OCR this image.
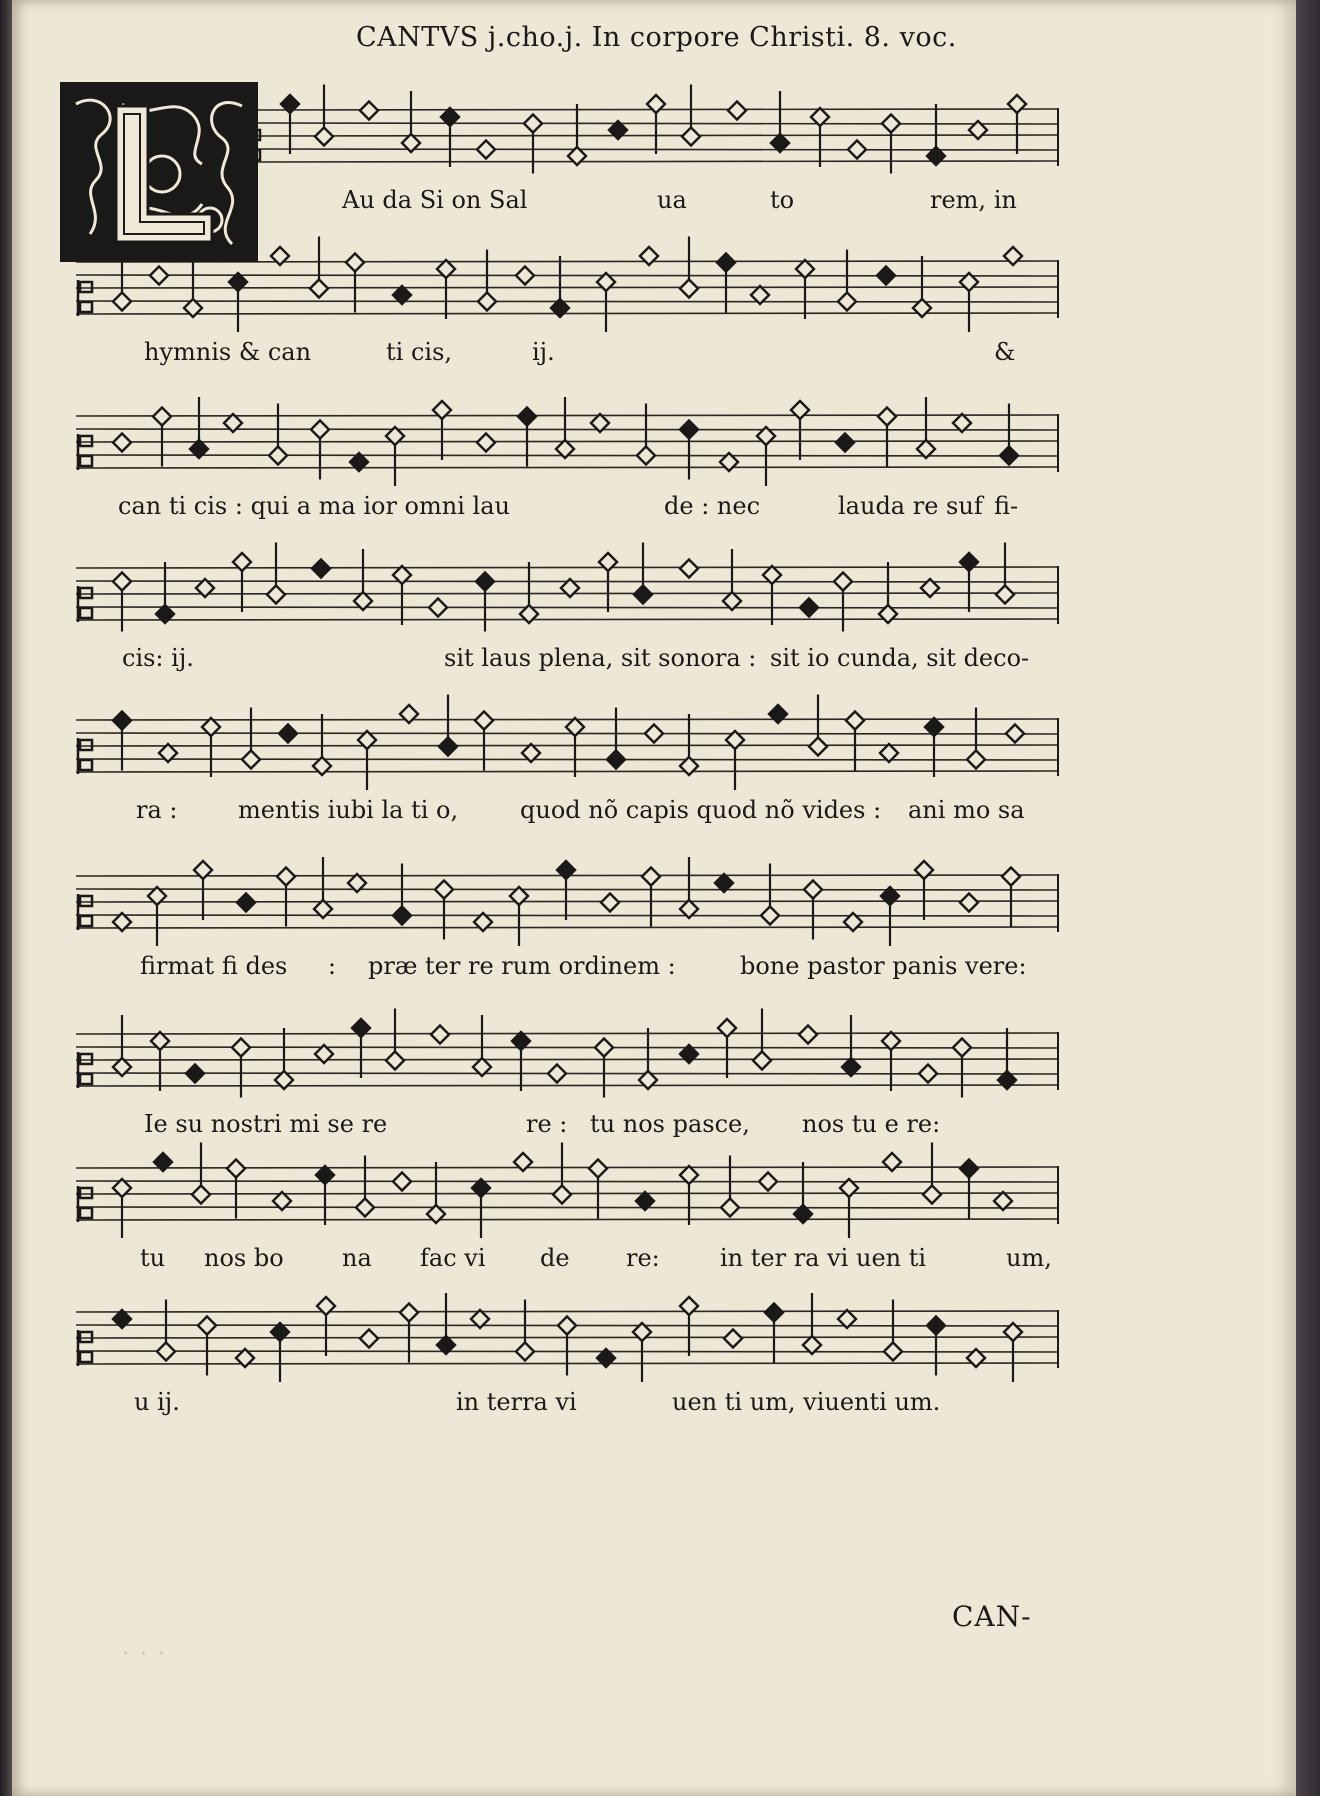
CANTVS j.cho.j. In corpore Christi. 8. voc.
Au da Si on Sal	ua	to	rem, in
hymnis & can	ti cis,	ij.	&
can ti cis : qui a ma ior omni lau	de : nec	lauda re suf fi-
cis: ij.	sit laus plena, sit sonora : sit io cunda, sit deco-
ra :	mentis iubi la ti o,	quod nõ capis quod nõ vides : ani mo sa
firmat fi des : præ ter re rum ordinem :	bone pastor panis vere:
Ie su nostri mi se re	re : tu nos pasce, nos tu e re:
tu nos bo na fac vi de re:	in ter ra vi uen ti	um,
u ij.	in terra vi	uen ti um, viuenti um.
· · ·
CAN-
